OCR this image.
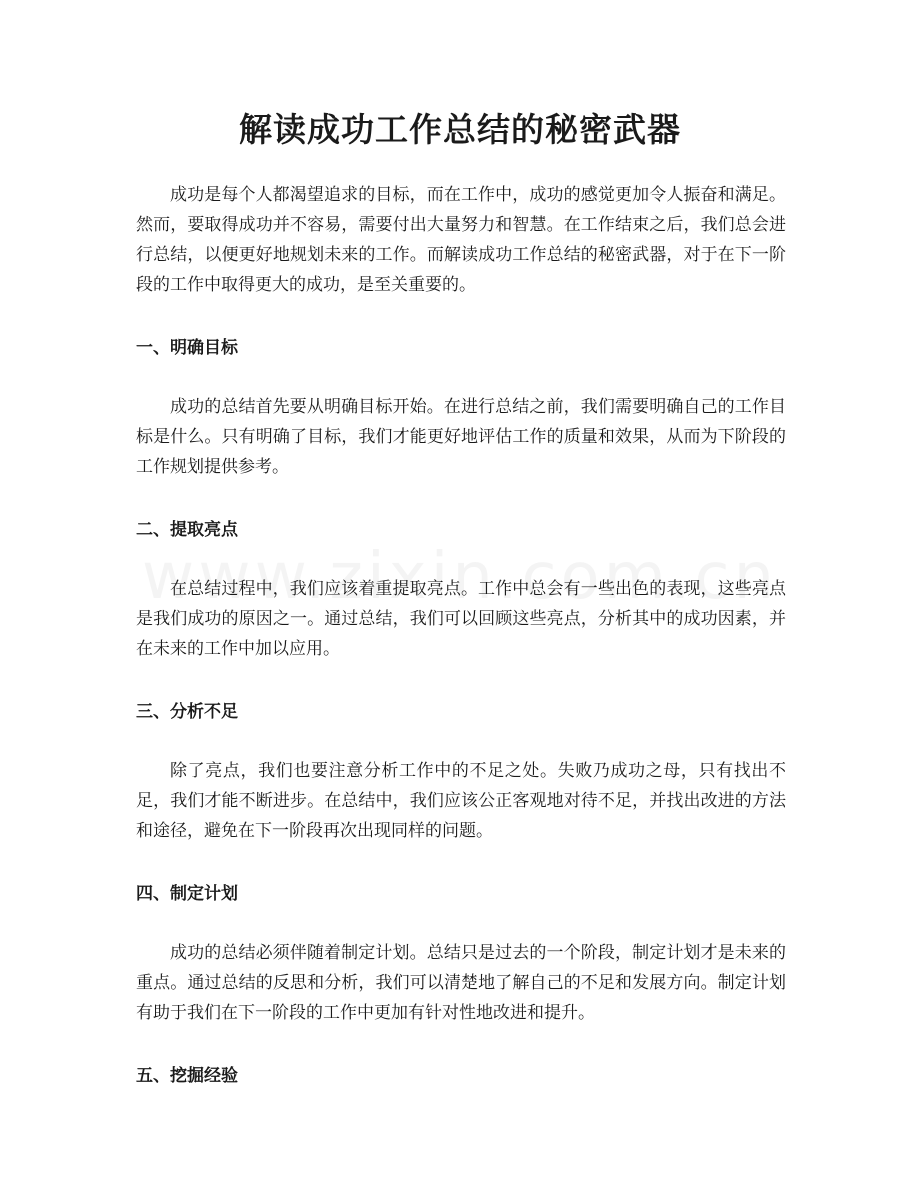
解读成功工作总结的秘密武器

成功是每个人都渴望追求的目标，而在工作中，成功的感觉更加令人振奋和满足。然而，要取得成功并不容易，需要付出大量努力和智慧。在工作结束之后，我们总会进行总结，以便更好地规划未来的工作。而解读成功工作总结的秘密武器，对于在下一阶段的工作中取得更大的成功，是至关重要的。

一、明确目标

成功的总结首先要从明确目标开始。在进行总结之前，我们需要明确自己的工作目标是什么。只有明确了目标，我们才能更好地评估工作的质量和效果，从而为下阶段的工作规划提供参考。

二、提取亮点

在总结过程中，我们应该着重提取亮点。工作中总会有一些出色的表现，这些亮点是我们成功的原因之一。通过总结，我们可以回顾这些亮点，分析其中的成功因素，并在未来的工作中加以应用。

三、分析不足

除了亮点，我们也要注意分析工作中的不足之处。失败乃成功之母，只有找出不足，我们才能不断进步。在总结中，我们应该公正客观地对待不足，并找出改进的方法和途径，避免在下一阶段再次出现同样的问题。

四、制定计划

成功的总结必须伴随着制定计划。总结只是过去的一个阶段，制定计划才是未来的重点。通过总结的反思和分析，我们可以清楚地了解自己的不足和发展方向。制定计划有助于我们在下一阶段的工作中更加有针对性地改进和提升。

五、挖掘经验
